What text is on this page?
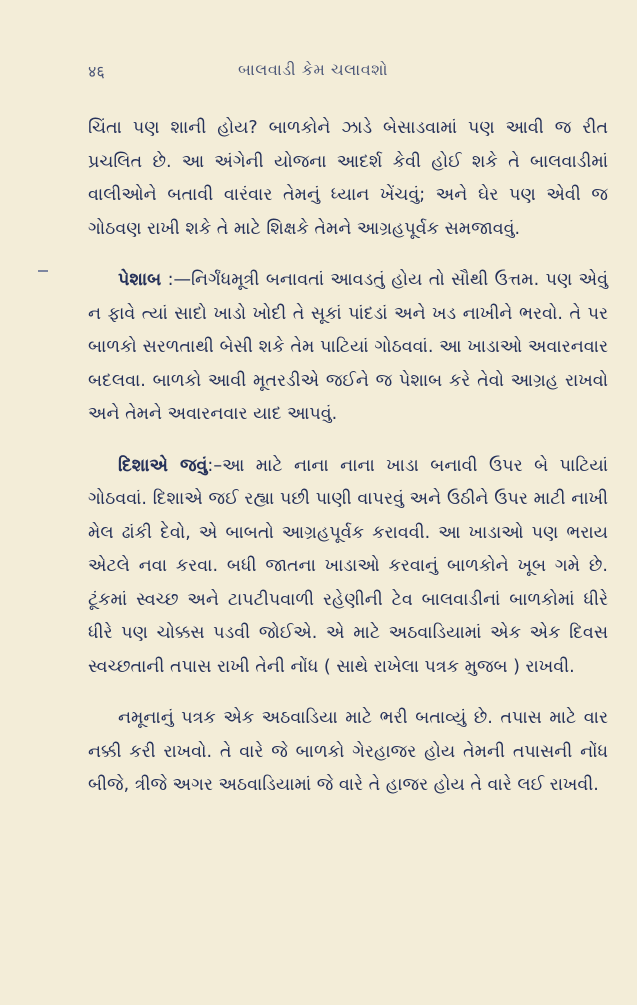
४६	બાલવાડી કેમ ચલાવશો

ચિંતા પણ શાની હોય? બાળકોને ઝાડે બેસાડવામાં પણ આવી જ રીત પ્રચલિત છે. આ અંગેની યોજના આદર્શ કેવી હોઈ શકે તે બાલવાડીમાં વાલીઓને બતાવી વારંવાર તેમનું ધ્યાન ખેંચવું; અને ઘેર પણ એવી જ ગોઠવણ રાખી શકે તે માટે શિક્ષકે તેમને આગ્રહપૂર્વક સમજાવવું.

પેશાબ :—નિર્ગંધમૂત્રી બનાવતાં આવડતું હોય તો સૌથી ઉત્તમ. પણ એવું ન ફાવે ત્યાં સાદો ખાડો ખોદી તે સૂકાં પાંદડાં અને ખડ નાખીને ભરવો. તે પર બાળકો સરળતાથી બેસી શકે તેમ પાટિયાં ગોઠવવાં. આ ખાડાઓ અવારનવાર બદલવા. બાળકો આવી મૂતરડીએ જઈને જ પેશાબ કરે તેવો આગ્રહ રાખવો અને તેમને અવારનવાર યાદ આપવું.

દિશાએ જવું:–આ માટે નાના નાના ખાડા બનાવી ઉપર બે પાટિયાં ગોઠવવાં. દિશાએ જઈ રહ્યા પછી પાણી વાપરવું અને ઉઠીને ઉપર માટી નાખી મેલ ઢાંકી દેવો, એ બાબતો આગ્રહપૂર્વક કરાવવી. આ ખાડાઓ પણ ભરાય એટલે નવા કરવા. બધી જાતના ખાડાઓ કરવાનું બાળકોને ખૂબ ગમે છે. ટૂંકમાં સ્વચ્છ અને ટાપટીપવાળી રહેણીની ટેવ બાલવાડીનાં બાળકોમાં ધીરે ધીરે પણ ચોક્કસ પડવી જોઈએ. એ માટે અઠવાડિયામાં એક એક દિવસ સ્વચ્છતાની તપાસ રાખી તેની નોંધ ( સાથે રાખેલા પત્રક મુજબ ) રાખવી.

નમૂનાનું પત્રક એક અઠવાડિયા માટે ભરી બતાવ્યું છે. તપાસ માટે વાર નક્કી કરી રાખવો. તે વારે જે બાળકો ગેરહાજર હોય તેમની તપાસની નોંધ બીજે, ત્રીજે અગર અઠવાડિયામાં જે વારે તે હાજર હોય તે વારે લઈ રાખવી.
